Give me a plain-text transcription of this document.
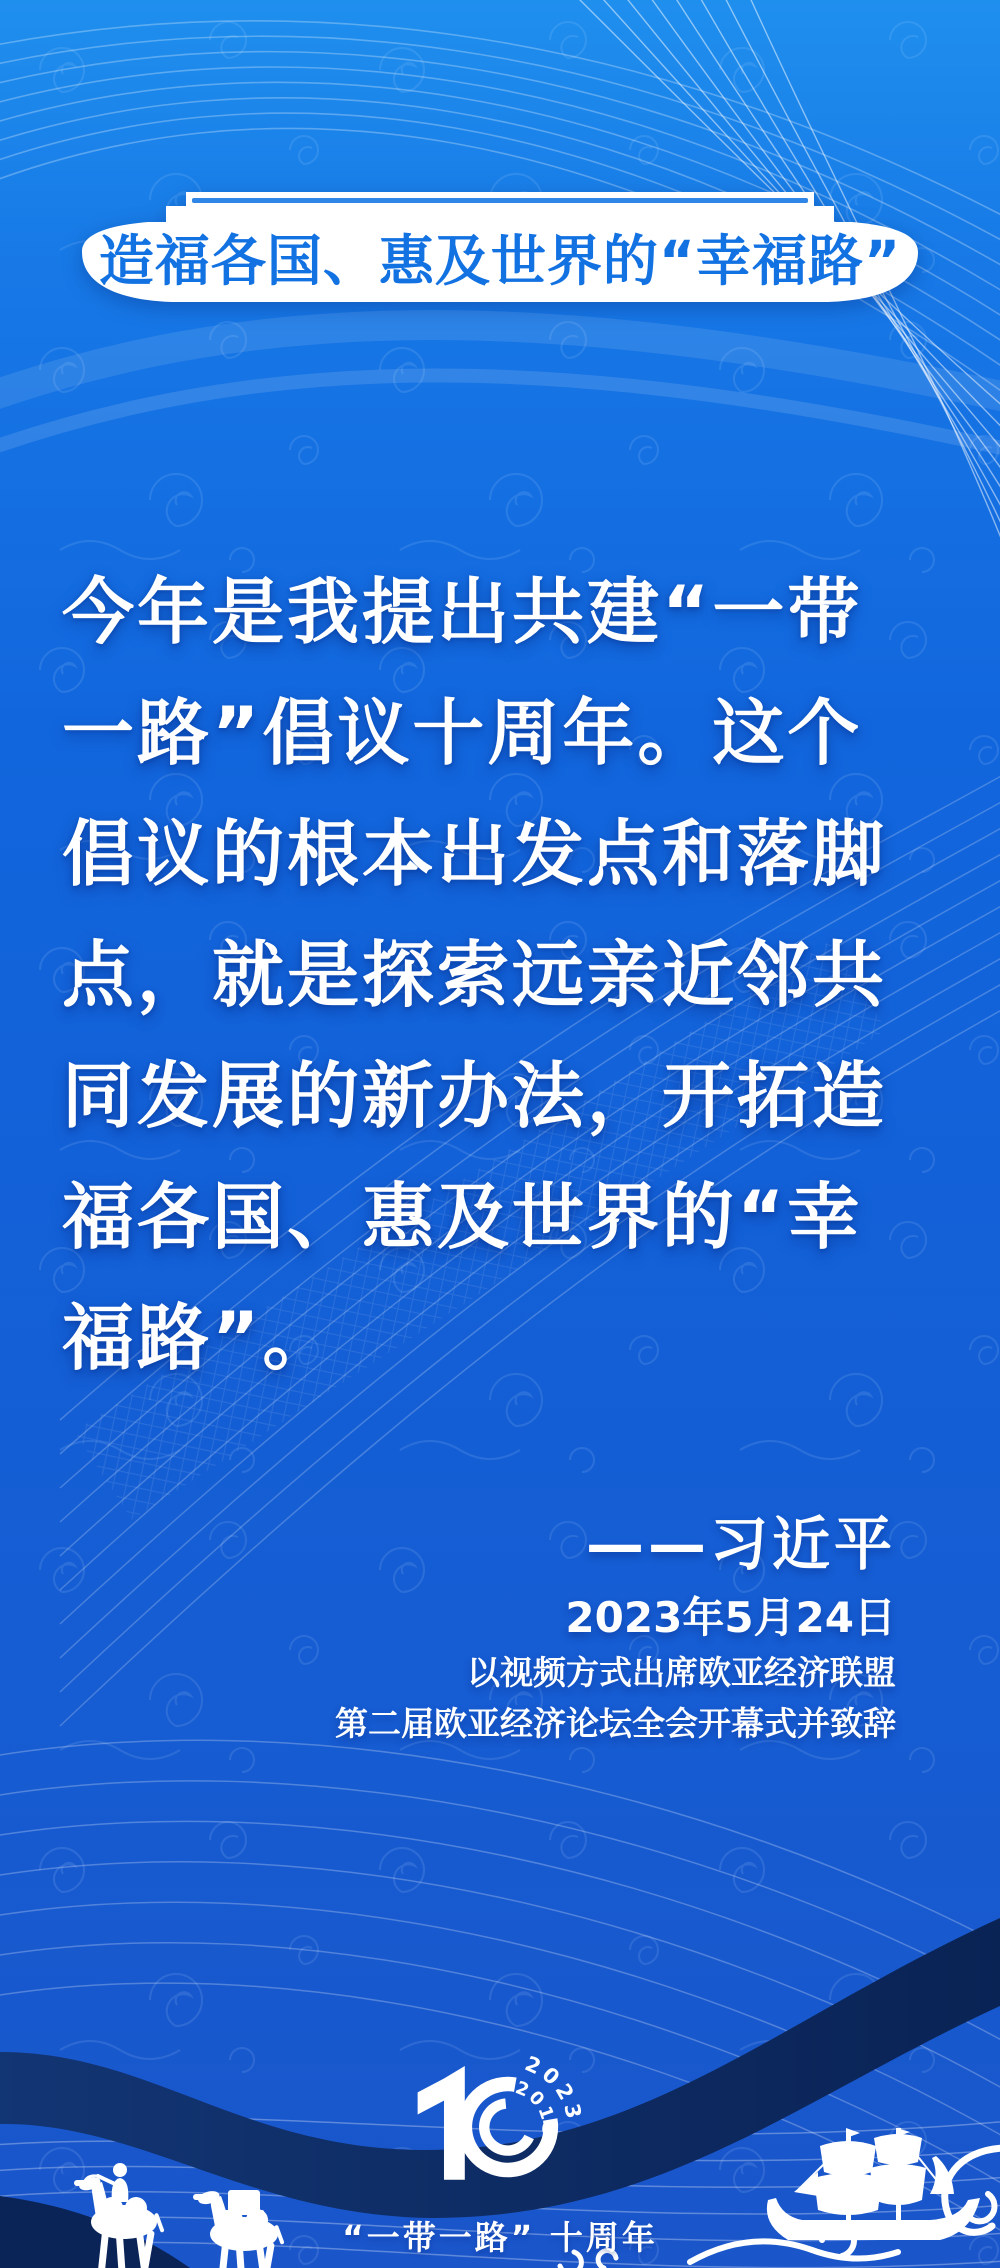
造福各国、惠及世界的“幸福路”
今年是我提出共建“一带
一路”倡议十周年。这个
倡议的根本出发点和落脚
点，就是探索远亲近邻共
同发展的新办法，开拓造
福各国、惠及世界的“幸
福路”。
——习近平
2023年5月24日
以视频方式出席欧亚经济联盟
第二届欧亚经济论坛全会开幕式并致辞
2023
2013
“一带一路” 十周年
